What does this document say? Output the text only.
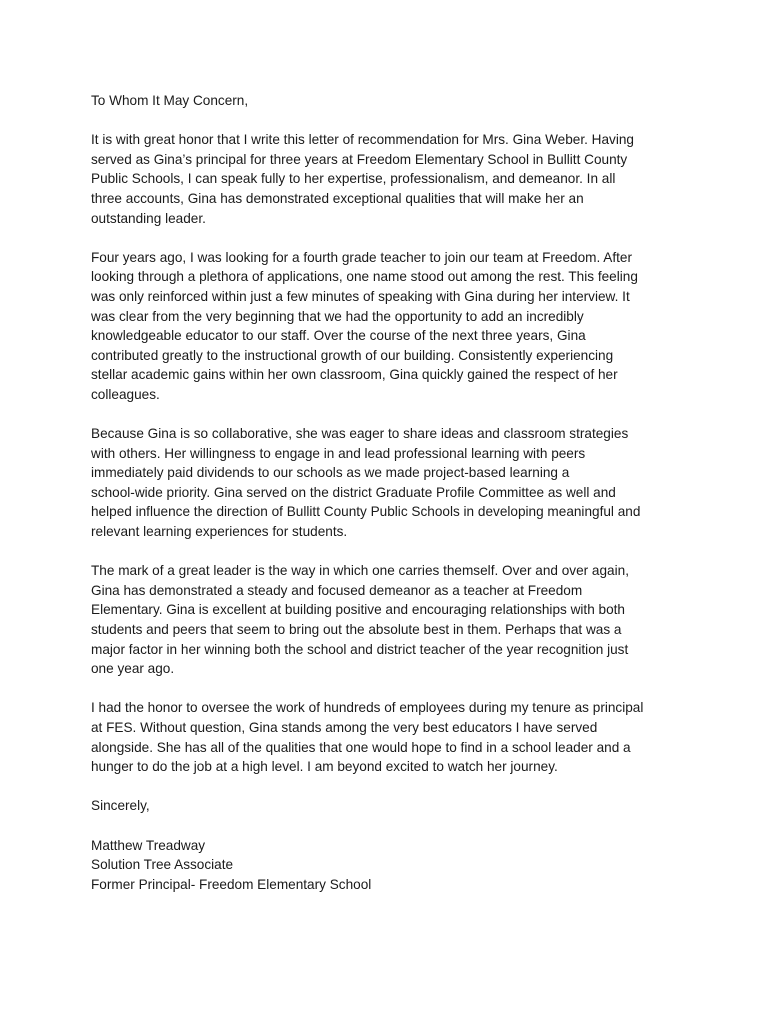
To Whom It May Concern,
It is with great honor that I write this letter of recommendation for Mrs. Gina Weber. Having
served as Gina’s principal for three years at Freedom Elementary School in Bullitt County
Public Schools, I can speak fully to her expertise, professionalism, and demeanor. In all
three accounts, Gina has demonstrated exceptional qualities that will make her an
outstanding leader.
Four years ago, I was looking for a fourth grade teacher to join our team at Freedom. After
looking through a plethora of applications, one name stood out among the rest. This feeling
was only reinforced within just a few minutes of speaking with Gina during her interview. It
was clear from the very beginning that we had the opportunity to add an incredibly
knowledgeable educator to our staff. Over the course of the next three years, Gina
contributed greatly to the instructional growth of our building. Consistently experiencing
stellar academic gains within her own classroom, Gina quickly gained the respect of her
colleagues.
Because Gina is so collaborative, she was eager to share ideas and classroom strategies
with others. Her willingness to engage in and lead professional learning with peers
immediately paid dividends to our schools as we made project-based learning a
school-wide priority. Gina served on the district Graduate Profile Committee as well and
helped influence the direction of Bullitt County Public Schools in developing meaningful and
relevant learning experiences for students.
The mark of a great leader is the way in which one carries themself. Over and over again,
Gina has demonstrated a steady and focused demeanor as a teacher at Freedom
Elementary. Gina is excellent at building positive and encouraging relationships with both
students and peers that seem to bring out the absolute best in them. Perhaps that was a
major factor in her winning both the school and district teacher of the year recognition just
one year ago.
I had the honor to oversee the work of hundreds of employees during my tenure as principal
at FES. Without question, Gina stands among the very best educators I have served
alongside. She has all of the qualities that one would hope to find in a school leader and a
hunger to do the job at a high level. I am beyond excited to watch her journey.
Sincerely,
Matthew Treadway
Solution Tree Associate
Former Principal- Freedom Elementary School
